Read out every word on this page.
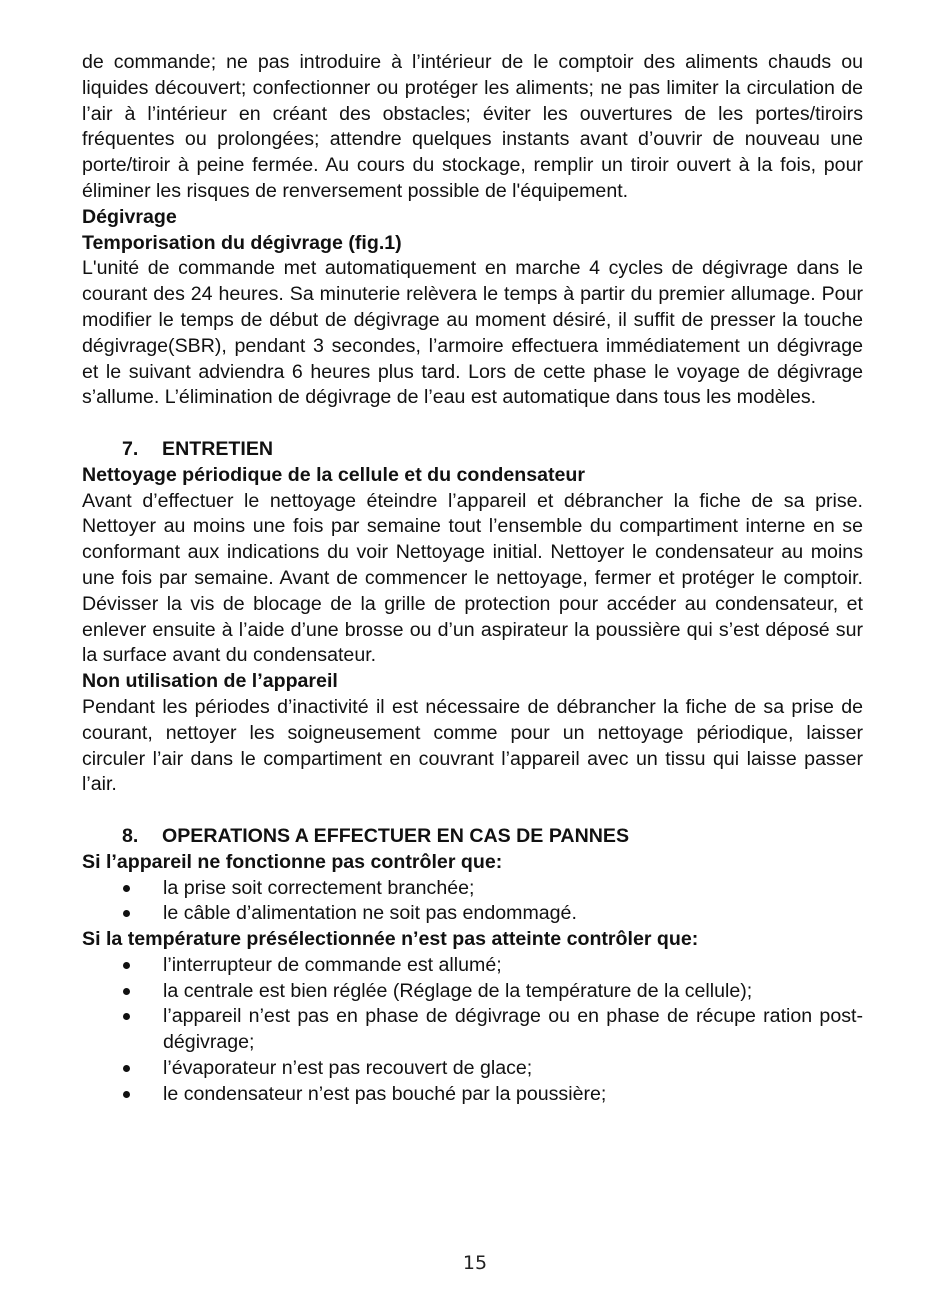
de commande; ne pas introduire à l’intérieur de le comptoir des aliments chauds ou liquides découvert; confectionner ou protéger les aliments; ne pas limiter la circulation de l’air à l’intérieur en créant des obstacles; éviter les ouvertures de les portes/tiroirs fréquentes ou prolongées; attendre quelques instants avant d’ouvrir de nouveau une porte/tiroir à peine fermée. Au cours du stockage, remplir un tiroir ouvert à la fois, pour éliminer les risques de renversement possible de l'équipement.

Dégivrage

Temporisation du dégivrage (fig.1)

L'unité de commande met automatiquement en marche 4 cycles de dégivrage dans le courant des 24 heures. Sa minuterie relèvera le temps à partir du premier allumage. Pour modifier le temps de début de dégivrage au moment désiré, il suffit de presser la touche dégivrage(SBR), pendant 3 secondes, l’armoire effectuera immédiatement un dégivrage et le suivant adviendra 6 heures plus tard. Lors de cette phase le voyage de dégivrage s’allume. L’élimination de dégivrage de l’eau est automatique dans tous les modèles.

7. ENTRETIEN

Nettoyage périodique de la cellule et du condensateur

Avant d’effectuer le nettoyage éteindre l’appareil et débrancher la fiche de sa prise. Nettoyer au moins une fois par semaine tout l’ensemble du compartiment interne en se conformant aux indications du voir Nettoyage initial. Nettoyer le condensateur au moins une fois par semaine. Avant de commencer le nettoyage, fermer et protéger le comptoir. Dévisser la vis de blocage de la grille de protection pour accéder au condensateur, et enlever ensuite à l’aide d’une brosse ou d’un aspirateur la poussière qui s’est déposé sur la surface avant du condensateur.

Non utilisation de l’appareil

Pendant les périodes d’inactivité il est nécessaire de débrancher la fiche de sa prise de courant, nettoyer les soigneusement comme pour un nettoyage périodique, laisser circuler l’air dans le compartiment en couvrant l’appareil avec un tissu qui laisse passer l’air.

8. OPERATIONS A EFFECTUER EN CAS DE PANNES

Si l’appareil ne fonctionne pas contrôler que:

la prise soit correctement branchée;
le câble d’alimentation ne soit pas endommagé.

Si la température présélectionnée n’est pas atteinte contrôler que:

l’interrupteur de commande est allumé;
la centrale est bien réglée (Réglage de la température de la cellule);
l’appareil n’est pas en phase de dégivrage ou en phase de récupe ration post-dégivrage;
l’évaporateur n’est pas recouvert de glace;
le condensateur n’est pas bouché par la poussière;
15
